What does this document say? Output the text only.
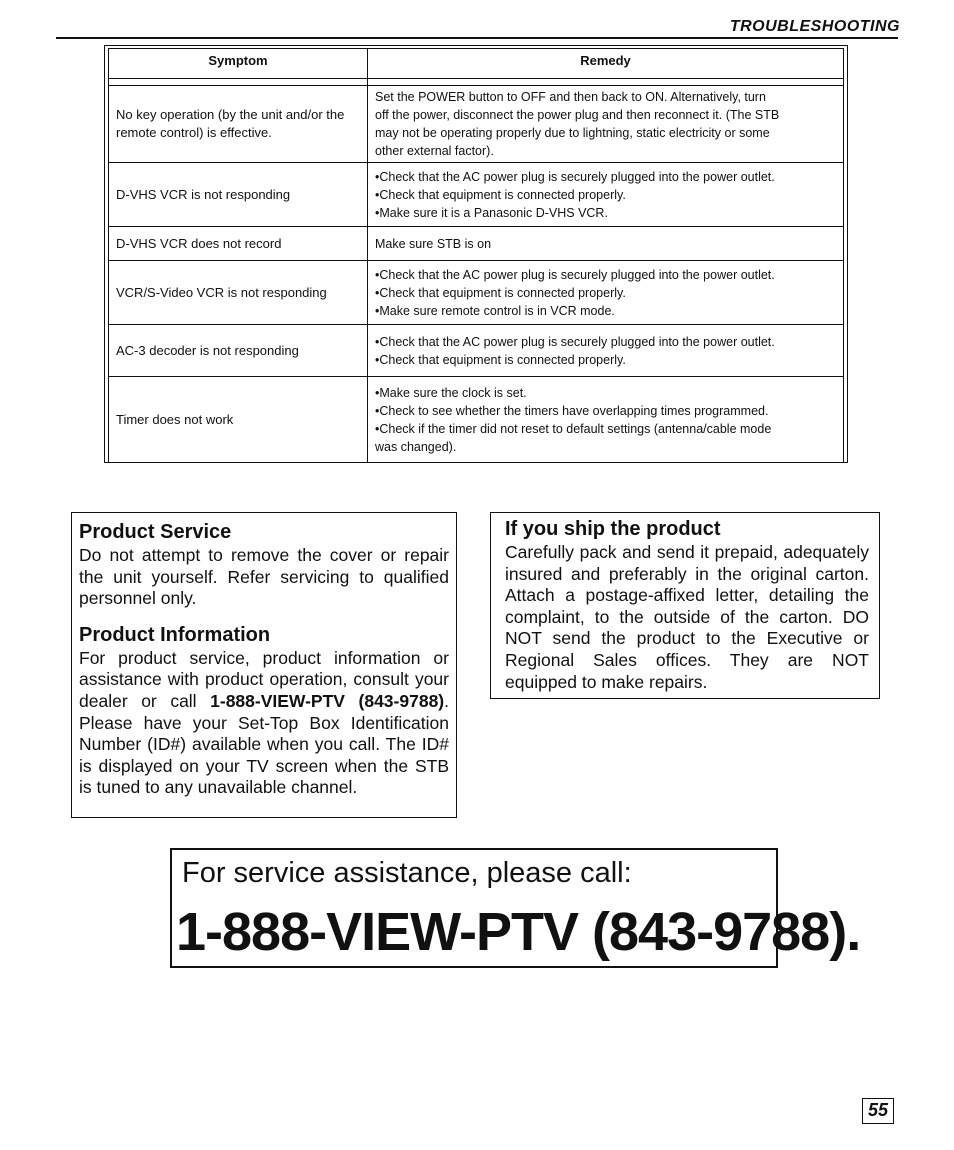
TROUBLESHOOTING
Symptom	Remedy

No key operation (by the unit and/or the remote control) is effective.	Set the POWER button to OFF and then back to ON. Alternatively, turn
off the power, disconnect the power plug and then reconnect it. (The STB
may not be operating properly due to lightning, static electricity or some
other external factor).

D-VHS VCR is not responding	•Check that the AC power plug is securely plugged into the power outlet.
•Check that equipment is connected properly.
•Make sure it is a Panasonic D-VHS VCR.

D-VHS VCR does not record	Make sure STB is on

VCR/S-Video VCR is not responding	•Check that the AC power plug is securely plugged into the power outlet.
•Check that equipment is connected properly.
•Make sure remote control is in VCR mode.

AC-3 decoder is not responding	•Check that the AC power plug is securely plugged into the power outlet.
•Check that equipment is connected properly.

Timer does not work	•Make sure the clock is set.
•Check to see whether the timers have overlapping times programmed.
•Check if the timer did not reset to default settings (antenna/cable mode
was changed).
Product Service

Do not attempt to remove the cover or repair the unit yourself. Refer servicing to qualified personnel only.

Product Information

For product service, product information or assistance with product operation, consult your dealer or call 1-888-VIEW-PTV (843-9788). Please have your Set-Top Box Identification Number (ID#) available when you call. The ID# is displayed on your TV screen when the STB is tuned to any unavailable channel.

If you ship the product

Carefully pack and send it prepaid, adequately insured and preferably in the original carton. Attach a postage-affixed letter, detailing the complaint, to the outside of the carton. DO NOT send the product to the Executive or Regional Sales offices. They are NOT equipped to make repairs.

For service assistance, please call:
1-888-VIEW-PTV (843-9788).
55
